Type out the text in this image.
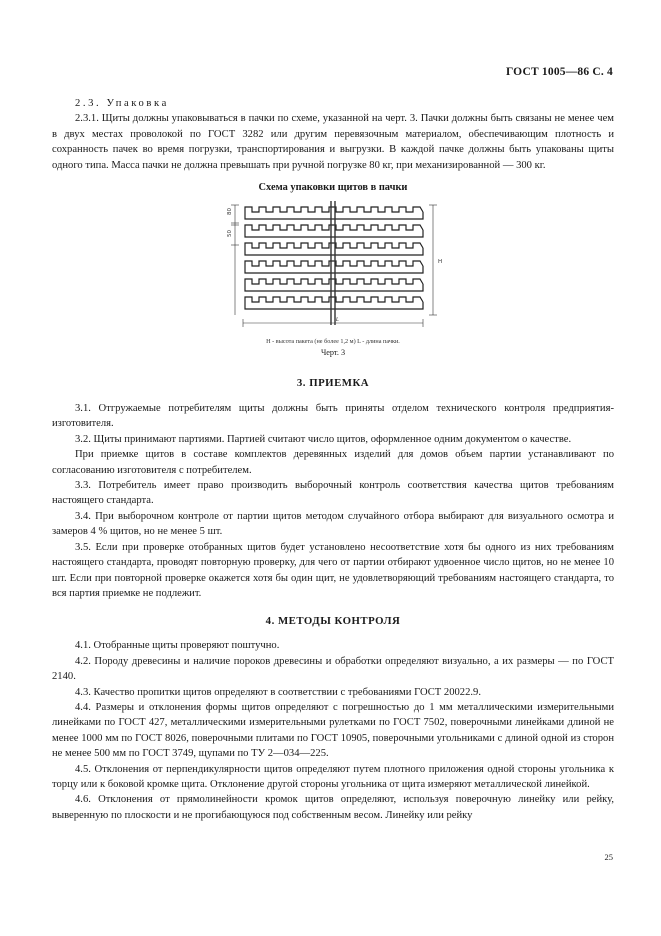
ГОСТ 1005—86 С. 4

2.3. Упаковка

2.3.1. Щиты должны упаковываться в пачки по схеме, указанной на черт. 3. Пачки должны быть связаны не менее чем в двух местах проволокой по ГОСТ 3282 или другим перевязочным материалом, обеспечивающим плотность и сохранность пачек во время погрузки, транспортирования и выгрузки. В каждой пачке должны быть упакованы щиты одного типа. Масса пачки не должна превышать при ручной погрузке 80 кг, при механизированной — 300 кг.

Схема упаковки щитов в пачки
80
50
H
L
H - высота пакета (не более 1,2 м) L - длина пачки.
Черт. 3
3. ПРИЕМКА

3.1. Отгружаемые потребителям щиты должны быть приняты отделом технического контроля предприятия-изготовителя.

3.2. Щиты принимают партиями. Партией считают число щитов, оформленное одним документом о качестве.

При приемке щитов в составе комплектов деревянных изделий для домов объем партии устанавливают по согласованию изготовителя с потребителем.

3.3. Потребитель имеет право производить выборочный контроль соответствия качества щитов требованиям настоящего стандарта.

3.4. При выборочном контроле от партии щитов методом случайного отбора выбирают для визуального осмотра и замеров 4 % щитов, но не менее 5 шт.

3.5. Если при проверке отобранных щитов будет установлено несоответствие хотя бы одного из них требованиям настоящего стандарта, проводят повторную проверку, для чего от партии отбирают удвоенное число щитов, но не менее 10 шт. Если при повторной проверке окажется хотя бы один щит, не удовлетворяющий требованиям настоящего стандарта, то вся партия приемке не подлежит.

4. МЕТОДЫ КОНТРОЛЯ

4.1. Отобранные щиты проверяют поштучно.

4.2. Породу древесины и наличие пороков древесины и обработки определяют визуально, а их размеры — по ГОСТ 2140.

4.3. Качество пропитки щитов определяют в соответствии с требованиями ГОСТ 20022.9.

4.4. Размеры и отклонения формы щитов определяют с погрешностью до 1 мм металлическими измерительными линейками по ГОСТ 427, металлическими измерительными рулетками по ГОСТ 7502, поверочными линейками длиной не менее 1000 мм по ГОСТ 8026, поверочными плитами по ГОСТ 10905, поверочными угольниками с длиной одной из сторон не менее 500 мм по ГОСТ 3749, щупами по ТУ 2—034—225.

4.5. Отклонения от перпендикулярности щитов определяют путем плотного приложения одной стороны угольника к торцу или к боковой кромке щита. Отклонение другой стороны угольника от щита измеряют металлической линейкой.

4.6. Отклонения от прямолинейности кромок щитов определяют, используя поверочную линейку или рейку, выверенную по плоскости и не прогибающуюся под собственным весом. Линейку или рейку

25
